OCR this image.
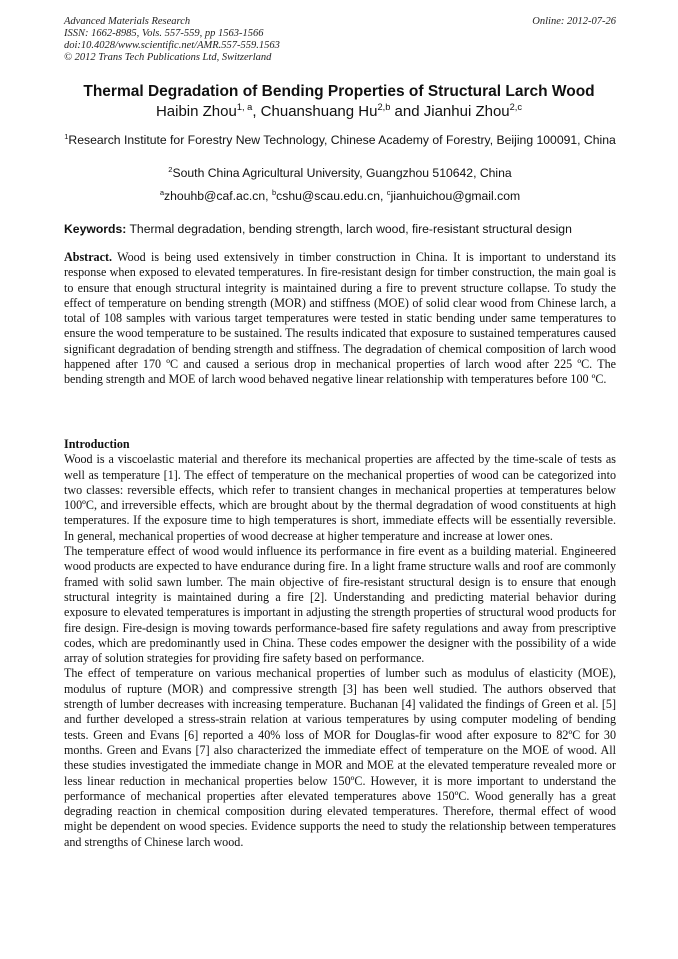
Advanced Materials Research
ISSN: 1662-8985, Vols. 557-559, pp 1563-1566
doi:10.4028/www.scientific.net/AMR.557-559.1563
© 2012 Trans Tech Publications Ltd, Switzerland
Online: 2012-07-26
Thermal Degradation of Bending Properties of Structural Larch Wood
Haibin Zhou$^{1, a}$, Chuanshuang Hu$^{2,b}$ and Jianhui Zhou$^{2,c}$
$^1$Research Institute for Forestry New Technology, Chinese Academy of Forestry, Beijing 100091, China
$^2$South China Agricultural University, Guangzhou 510642, China
$^a$zhouhb@caf.ac.cn, $^b$cshu@scau.edu.cn, $^c$jianhuichou@gmail.com
Keywords: Thermal degradation, bending strength, larch wood, fire-resistant structural design

Abstract. Wood is being used extensively in timber construction in China. It is important to understand its response when exposed to elevated temperatures. In fire-resistant design for timber construction, the main goal is to ensure that enough structural integrity is maintained during a fire to prevent structure collapse. To study the effect of temperature on bending strength (MOR) and stiffness (MOE) of solid clear wood from Chinese larch, a total of 108 samples with various target temperatures were tested in static bending under same temperatures to ensure the wood temperature to be sustained. The results indicated that exposure to sustained temperatures caused significant degradation of bending strength and stiffness. The degradation of chemical composition of larch wood happened after 170 ºC and caused a serious drop in mechanical properties of larch wood after 225 ºC. The bending strength and MOE of larch wood behaved negative linear relationship with temperatures before 100 ºC.

Introduction

Wood is a viscoelastic material and therefore its mechanical properties are affected by the time-scale of tests as well as temperature [1]. The effect of temperature on the mechanical properties of wood can be categorized into two classes: reversible effects, which refer to transient changes in mechanical properties at temperatures below 100ºC, and irreversible effects, which are brought about by the thermal degradation of wood constituents at high temperatures. If the exposure time to high temperatures is short, immediate effects will be essentially reversible. In general, mechanical properties of wood decrease at higher temperature and increase at lower ones.

The temperature effect of wood would influence its performance in fire event as a building material. Engineered wood products are expected to have endurance during fire. In a light frame structure walls and roof are commonly framed with solid sawn lumber. The main objective of fire-resistant structural design is to ensure that enough structural integrity is maintained during a fire [2]. Understanding and predicting material behavior during exposure to elevated temperatures is important in adjusting the strength properties of structural wood products for fire design. Fire-design is moving towards performance-based fire safety regulations and away from prescriptive codes, which are predominantly used in China. These codes empower the designer with the possibility of a wide array of solution strategies for providing fire safety based on performance.

The effect of temperature on various mechanical properties of lumber such as modulus of elasticity (MOE), modulus of rupture (MOR) and compressive strength [3] has been well studied. The authors observed that strength of lumber decreases with increasing temperature. Buchanan [4] validated the findings of Green et al. [5] and further developed a stress-strain relation at various temperatures by using computer modeling of bending tests. Green and Evans [6] reported a 40% loss of MOR for Douglas-fir wood after exposure to 82ºC for 30 months. Green and Evans [7] also characterized the immediate effect of temperature on the MOE of wood. All these studies investigated the immediate change in MOR and MOE at the elevated temperature revealed more or less linear reduction in mechanical properties below 150ºC. However, it is more important to understand the performance of mechanical properties after elevated temperatures above 150ºC. Wood generally has a great degrading reaction in chemical composition during elevated temperatures. Therefore, thermal effect of wood might be dependent on wood species. Evidence supports the need to study the relationship between temperatures and strengths of Chinese larch wood.
